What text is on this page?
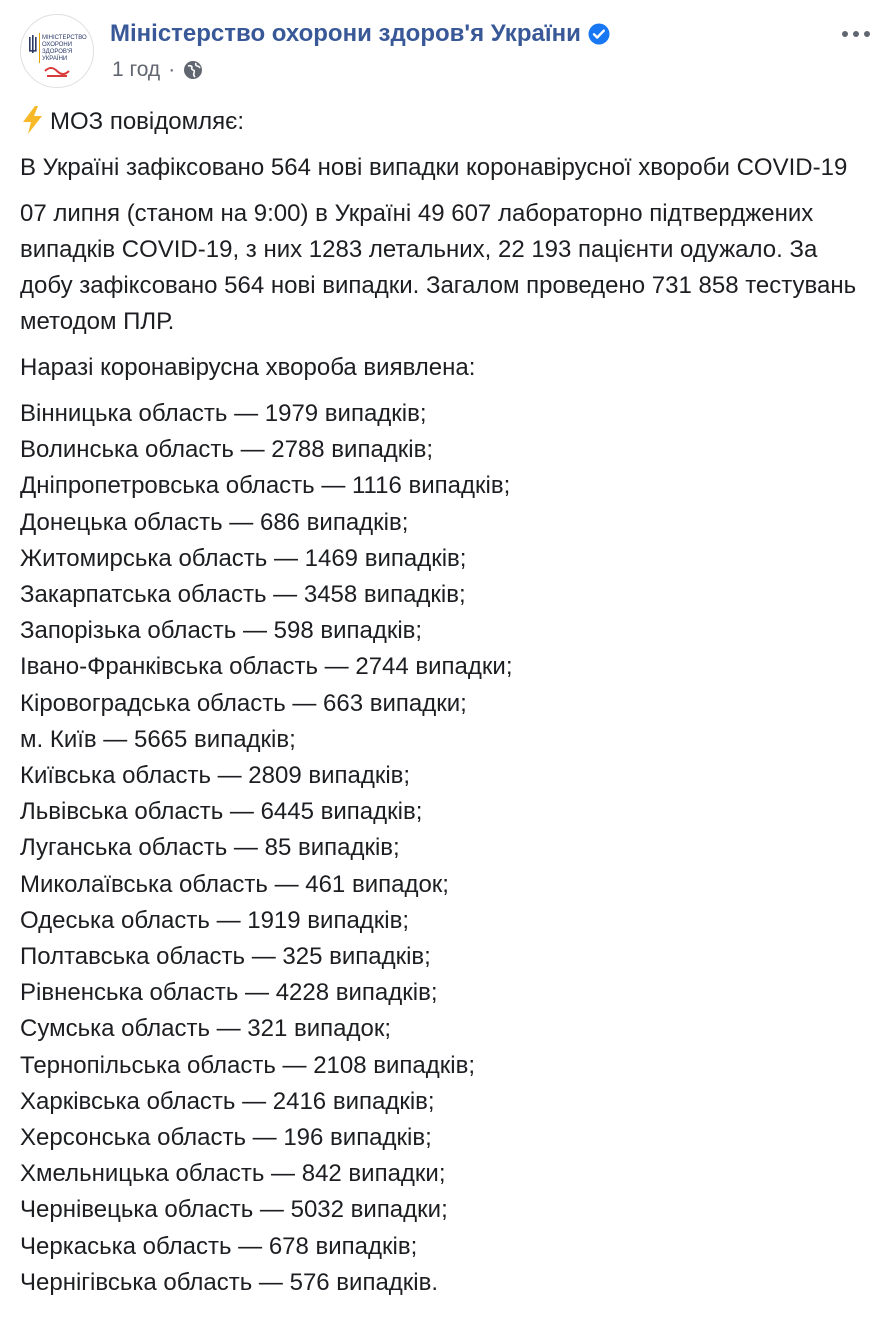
МІНІСТЕРСТВО
ОХОРОНИ
ЗДОРОВ'Я
УКРАЇНИ
Міністерство охорони здоров'я України
1 год ·

МОЗ повідомляє:

В Україні зафіксовано 564 нові випадки коронавірусної хвороби COVID-19

07 липня (станом на 9:00) в Україні 49 607 лабораторно підтверджених випадків COVID-19, з них 1283 летальних, 22 193 пацієнти одужало. За добу зафіксовано 564 нові випадки. Загалом проведено 731 858 тестувань методом ПЛР.

Наразі коронавірусна хвороба виявлена:

Вінницька область — 1979 випадків;
Волинська область — 2788 випадків;
Дніпропетровська область — 1116 випадків;
Донецька область — 686 випадків;
Житомирська область — 1469 випадків;
Закарпатська область — 3458 випадків;
Запорізька область — 598 випадків;
Івано-Франківська область — 2744 випадки;
Кіровоградська область — 663 випадки;
м. Київ — 5665 випадків;
Київська область — 2809 випадків;
Львівська область — 6445 випадків;
Луганська область — 85 випадків;
Миколаївська область — 461 випадок;
Одеська область — 1919 випадків;
Полтавська область — 325 випадків;
Рівненська область — 4228 випадків;
Сумська область — 321 випадок;
Тернопільська область — 2108 випадків;
Харківська область — 2416 випадків;
Херсонська область — 196 випадків;
Хмельницька область — 842 випадки;
Чернівецька область — 5032 випадки;
Черкаська область — 678 випадків;
Чернігівська область — 576 випадків.
